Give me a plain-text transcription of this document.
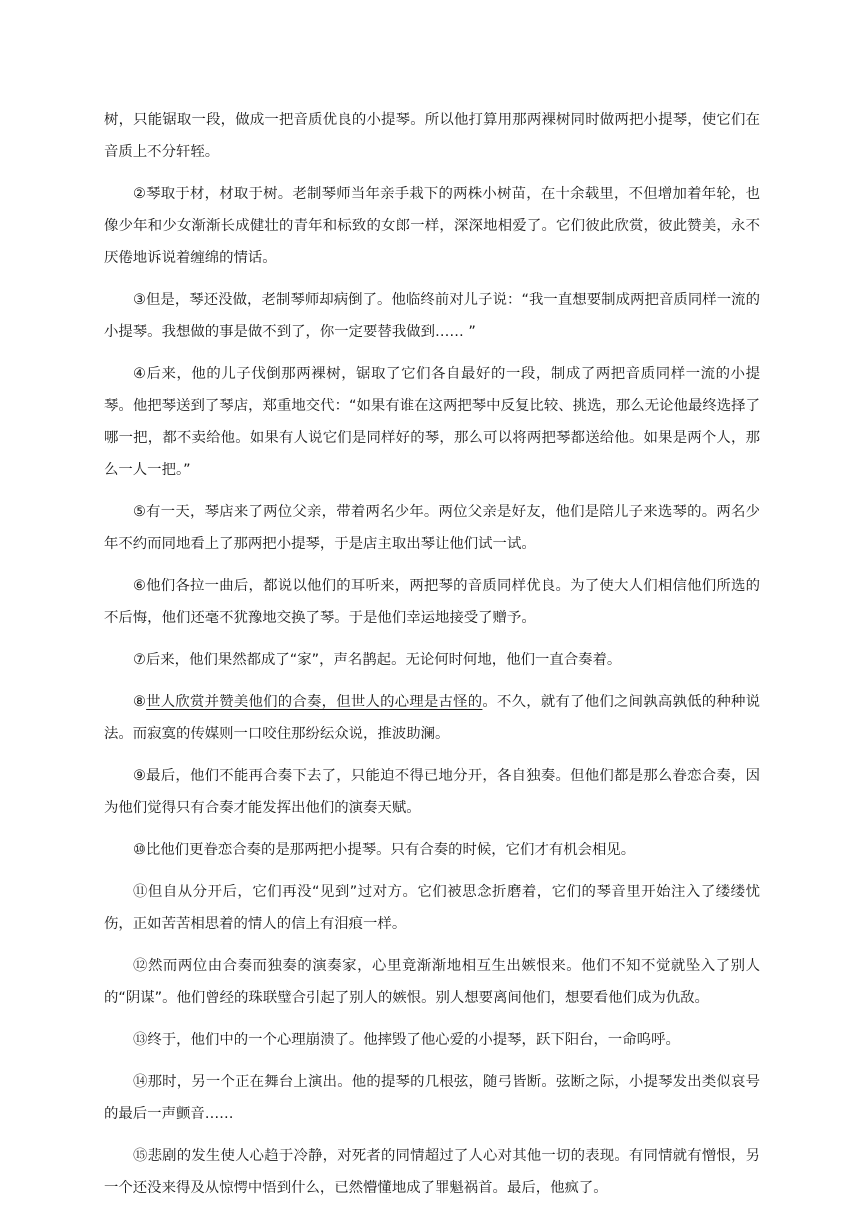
树，只能锯取一段，做成一把音质优良的小提琴。所以他打算用那两裸树同时做两把小提琴，使它们在音质上不分轩轾。

②琴取于材，材取于树。老制琴师当年亲手栽下的两株小树苗，在十余载里，不但增加着年轮，也像少年和少女渐渐长成健壮的青年和标致的女郎一样，深深地相爱了。它们彼此欣赏，彼此赞美，永不厌倦地诉说着缠绵的情话。

③但是，琴还没做，老制琴师却病倒了。他临终前对儿子说：“我一直想要制成两把音质同样一流的小提琴。我想做的事是做不到了，你一定要替我做到…… ”

④后来，他的儿子伐倒那两裸树，锯取了它们各自最好的一段，制成了两把音质同样一流的小提琴。他把琴送到了琴店，郑重地交代：“如果有谁在这两把琴中反复比较、挑选，那么无论他最终选择了哪一把，都不卖给他。如果有人说它们是同样好的琴，那么可以将两把琴都送给他。如果是两个人，那么一人一把。”

⑤有一天，琴店来了两位父亲，带着两名少年。两位父亲是好友，他们是陪儿子来选琴的。两名少年不约而同地看上了那两把小提琴，于是店主取出琴让他们试一试。

⑥他们各拉一曲后，都说以他们的耳听来，两把琴的音质同样优良。为了使大人们相信他们所选的不后悔，他们还毫不犹豫地交换了琴。于是他们幸运地接受了赠予。

⑦后来，他们果然都成了“家”，声名鹊起。无论何时何地，他们一直合奏着。

⑧世人欣赏并赞美他们的合奏，但世人的心理是古怪的。不久，就有了他们之间孰高孰低的种种说法。而寂寞的传媒则一口咬住那纷纭众说，推波助澜。

⑨最后，他们不能再合奏下去了，只能迫不得已地分开，各自独奏。但他们都是那么眷恋合奏，因为他们觉得只有合奏才能发挥出他们的演奏天赋。

⑩比他们更眷恋合奏的是那两把小提琴。只有合奏的时候，它们才有机会相见。

⑪但自从分开后，它们再没“见到”过对方。它们被思念折磨着，它们的琴音里开始注入了缕缕忧伤，正如苦苦相思着的情人的信上有泪痕一样。

⑫然而两位由合奏而独奏的演奏家，心里竟渐渐地相互生出嫉恨来。他们不知不觉就坠入了别人的“阴谋”。他们曾经的珠联璧合引起了别人的嫉恨。别人想要离间他们，想要看他们成为仇敌。

⑬终于，他们中的一个心理崩溃了。他摔毁了他心爱的小提琴，跃下阳台，一命呜呼。

⑭那时，另一个正在舞台上演出。他的提琴的几根弦，随弓皆断。弦断之际，小提琴发出类似哀号的最后一声颤音……

⑮悲剧的发生使人心趋于冷静，对死者的同情超过了人心对其他一切的表现。有同情就有憎恨，另一个还没来得及从惊愕中悟到什么，已然懵懂地成了罪魁祸首。最后，他疯了。
